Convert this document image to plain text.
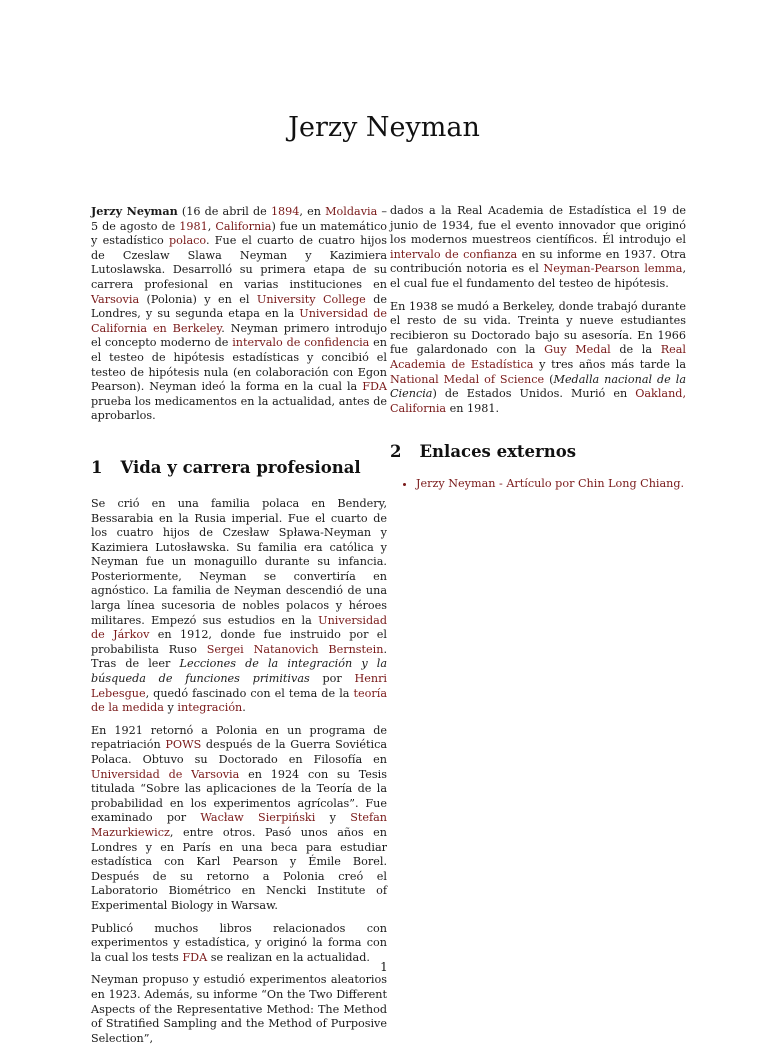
Jerzy Neyman

Jerzy Neyman (16 de abril de 1894, en Moldavia – 5 de agosto de 1981, California) fue un matemático y estadístico polaco. Fue el cuarto de cuatro hijos de Czeslaw Slawa Neyman y Kazimiera Lutoslawska. Desarrolló su primera etapa de su carrera profesional en varias instituciones en Varsovia (Polonia) y en el University College de Londres, y su segunda etapa en la Universidad de California en Berkeley. Neyman primero introdujo el concepto moderno de intervalo de confidencia en el testeo de hipótesis estadísticas y concibió el testeo de hipótesis nula (en colaboración con Egon Pearson). Neyman ideó la forma en la cual la FDA prueba los medicamentos en la actualidad, antes de aprobarlos.

1 Vida y carrera profesional

Se crió en una familia polaca en Bendery, Bessarabia en la Rusia imperial. Fue el cuarto de los cuatro hijos de Czesław Spława-Neyman y Kazimiera Lutosławska. Su familia era católica y Neyman fue un monaguillo durante su infancia. Posteriormente, Neyman se convertiría en agnóstico. La familia de Neyman descendió de una larga línea sucesoria de nobles polacos y héroes militares. Empezó sus estudios en la Universidad de Járkov en 1912, donde fue instruido por el probabilista Ruso Sergei Natanovich Bernstein. Tras de leer Lecciones de la integración y la búsqueda de funciones primitivas por Henri Lebesgue, quedó fascinado con el tema de la teoría de la medida y integración.

En 1921 retornó a Polonia en un programa de repatriación POWS después de la Guerra Soviética Polaca. Obtuvo su Doctorado en Filosofía en Universidad de Varsovia en 1924 con su Tesis titulada “Sobre las aplicaciones de la Teoría de la probabilidad en los experimentos agrícolas”. Fue examinado por Wacław Sierpiński y Stefan Mazurkiewicz, entre otros. Pasó unos años en Londres y en París en una beca para estudiar estadística con Karl Pearson y Émile Borel. Después de su retorno a Polonia creó el Laboratorio Biométrico en Nencki Institute of Experimental Biology in Warsaw.

Publicó muchos libros relacionados con experimentos y estadística, y originó la forma con la cual los tests FDA se realizan en la actualidad.

Neyman propuso y estudió experimentos aleatorios en 1923. Además, su informe “On the Two Different Aspects of the Representative Method: The Method of Stratified Sampling and the Method of Purposive Selection”,

dados a la Real Academia de Estadística el 19 de junio de 1934, fue el evento innovador que originó los modernos muestreos científicos. Él introdujo el intervalo de confianza en su informe en 1937. Otra contribución notoria es el Neyman-Pearson lemma, el cual fue el fundamento del testeo de hipótesis.

En 1938 se mudó a Berkeley, donde trabajó durante el resto de su vida. Treinta y nueve estudiantes recibieron su Doctorado bajo su asesoría. En 1966 fue galardonado con la Guy Medal de la Real Academia de Estadística y tres años más tarde la National Medal of Science (Medalla nacional de la Ciencia) de Estados Unidos. Murió en Oakland, California en 1981.

2 Enlaces externos
• Jerzy Neyman - Artículo por Chin Long Chiang.
1
